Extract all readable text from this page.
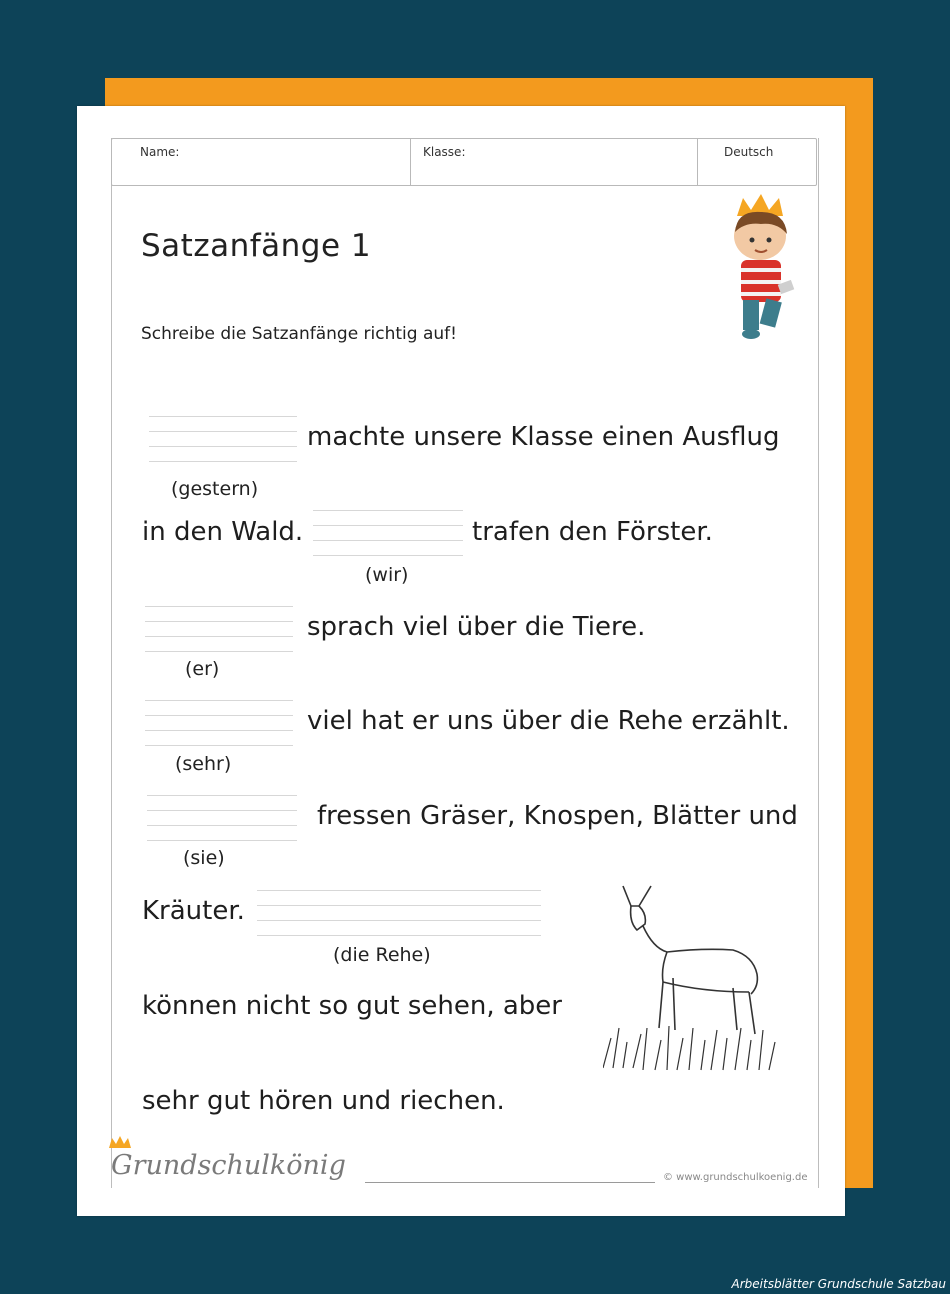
Name:	Klasse:	Deutsch
Satzanfänge 1
Schreibe die Satzanfänge richtig auf!
machte unsere Klasse einen Ausflug
(gestern)
in den Wald.	trafen den Förster.
(wir)
sprach viel über die Tiere.
(er)
viel hat er uns über die Rehe erzählt.
(sehr)
fressen Gräser, Knospen, Blätter und
(sie)
Kräuter.
(die Rehe)
können nicht so gut sehen, aber
sehr gut hören und riechen.
Grundschulkönig	© www.grundschulkoenig.de
Arbeitsblätter Grundschule Satzbau
